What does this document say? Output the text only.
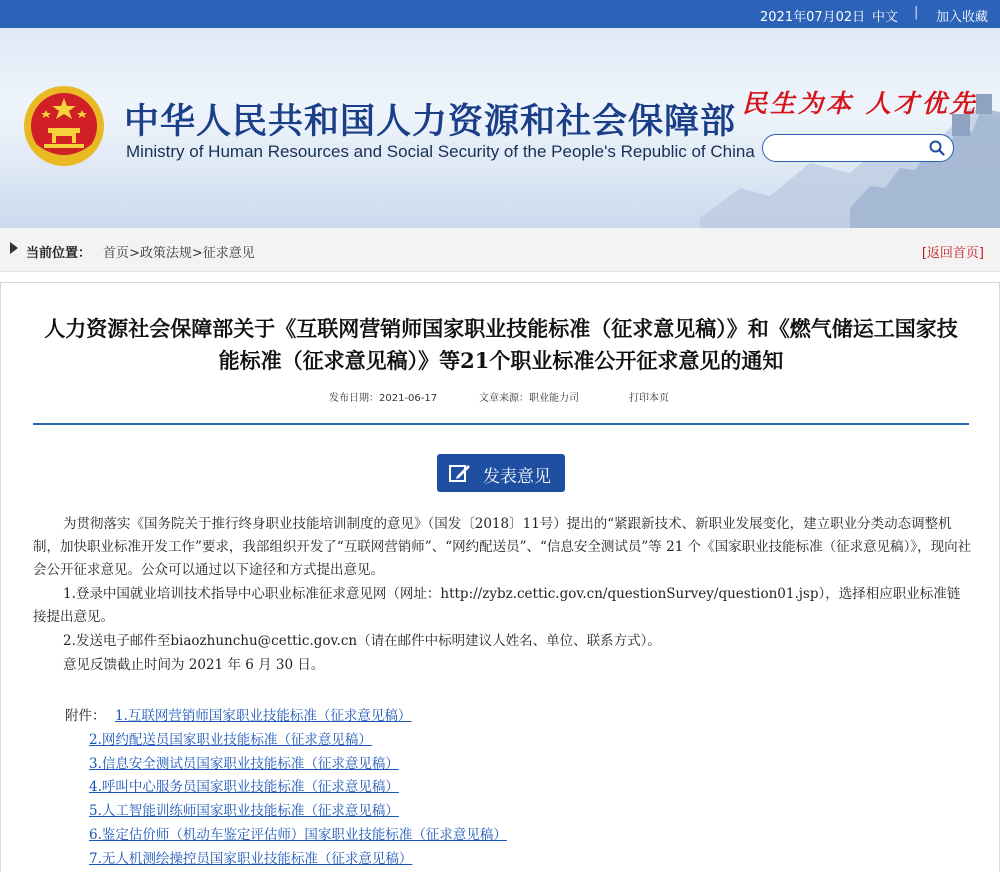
2021年07月02日 中文 | 加入收藏
中华人民共和国人力资源和社会保障部
Ministry of Human Resources and Social Security of the People's Republic of China
民生为本 人才优先
当前位置： 首页>政策法规>征求意见	[返回首页]
人力资源社会保障部关于《互联网营销师国家职业技能标准（征求意见稿）》和《燃气储运工国家技能标准（征求意见稿）》等21个职业标准公开征求意见的通知
发布日期：2021-06-17	文章来源：职业能力司	打印本页
发表意见
为贯彻落实《国务院关于推行终身职业技能培训制度的意见》（国发〔2018〕11号）提出的“紧跟新技术、新职业发展变化，建立职业分类动态调整机制，加快职业标准开发工作”要求，我部组织开发了“互联网营销师”、“网约配送员”、“信息安全测试员”等 21 个《国家职业技能标准（征求意见稿）》，现向社会公开征求意见。公众可以通过以下途径和方式提出意见。
1.登录中国就业培训技术指导中心职业标准征求意见网（网址：http://zybz.cettic.gov.cn/questionSurvey/question01.jsp），选择相应职业标准链接提出意见。
2.发送电子邮件至biaozhunchu@cettic.gov.cn（请在邮件中标明建议人姓名、单位、联系方式）。
意见反馈截止时间为 2021 年 6 月 30 日。
附件： 1.互联网营销师国家职业技能标准（征求意见稿）
2.网约配送员国家职业技能标准（征求意见稿）
3.信息安全测试员国家职业技能标准（征求意见稿）
4.呼叫中心服务员国家职业技能标准（征求意见稿）
5.人工智能训练师国家职业技能标准（征求意见稿）
6.鉴定估价师（机动车鉴定评估师）国家职业技能标准（征求意见稿）
7.无人机测绘操控员国家职业技能标准（征求意见稿）
